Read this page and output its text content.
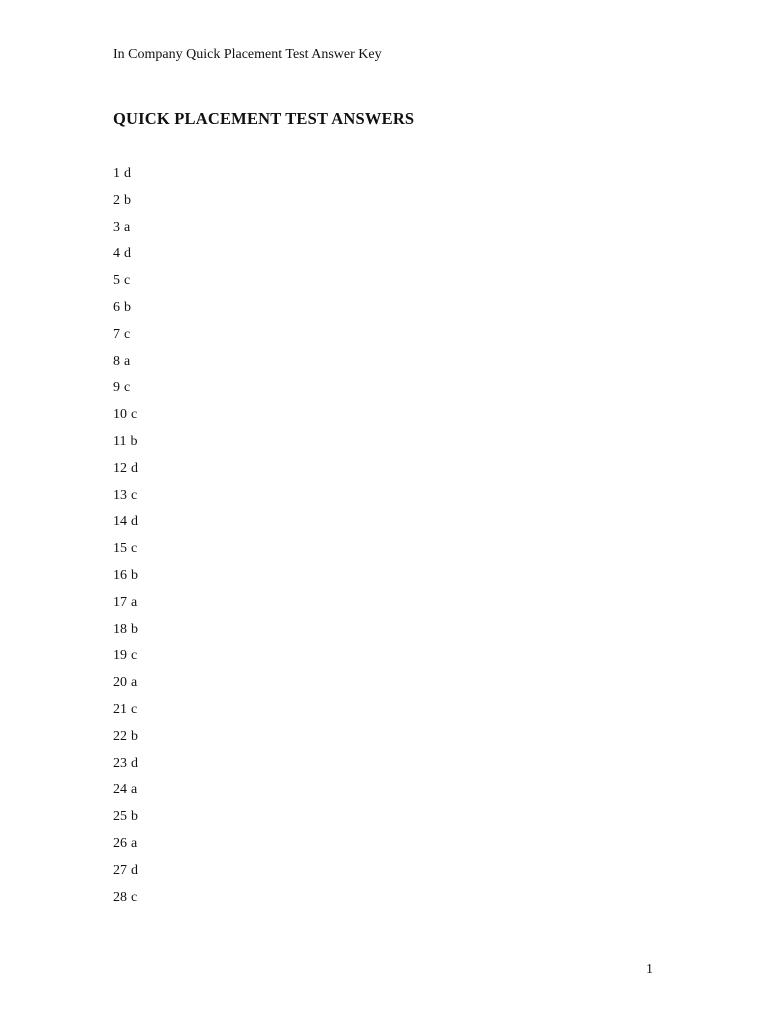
In Company Quick Placement Test Answer Key
QUICK PLACEMENT TEST ANSWERS
1 d
2 b
3 a
4 d
5 c
6 b
7 c
8 a
9 c
10 c
11 b
12 d
13 c
14 d
15 c
16 b
17 a
18 b
19 c
20 a
21 c
22 b
23 d
24 a
25 b
26 a
27 d
28 c
1
